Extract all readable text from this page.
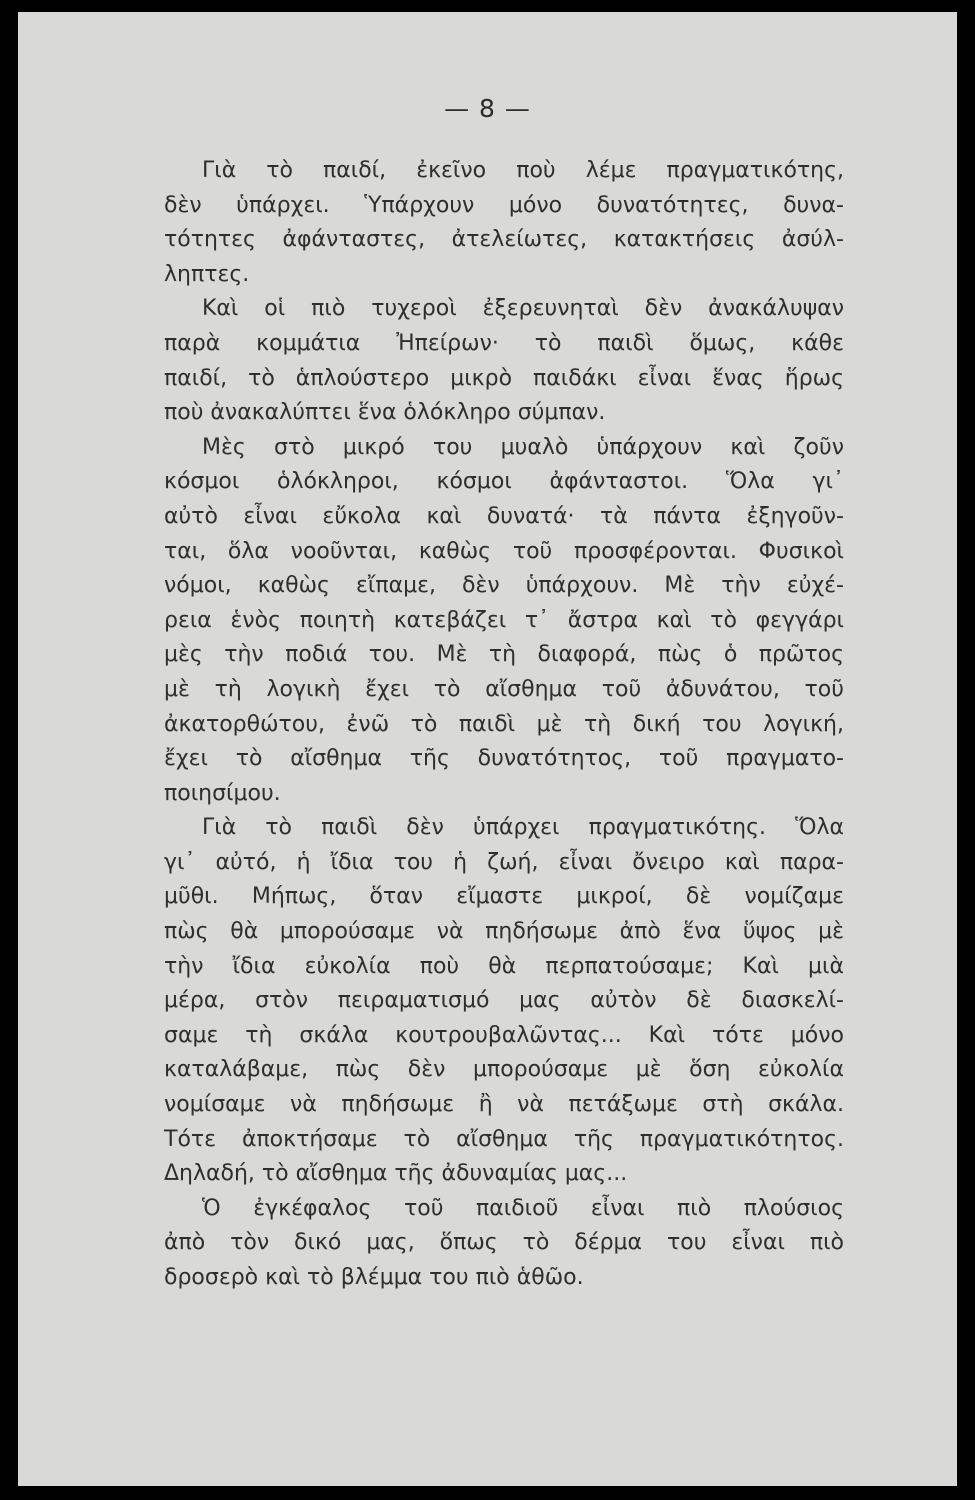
— 8 —
Γιὰ τὸ παιδί, ἐκεῖνο ποὺ λέμε πραγματικότης,
δὲν ὑπάρχει. Ὑπάρχουν μόνο δυνατότητες, δυνα-
τότητες ἀφάνταστες, ἀτελείωτες, κατακτήσεις ἀσύλ-
ληπτες.
Καὶ οἱ πιὸ τυχεροὶ ἐξερευνηταὶ δὲν ἀνακάλυψαν
παρὰ κομμάτια Ἠπείρων· τὸ παιδὶ ὅμως, κάθε
παιδί, τὸ ἁπλούστερο μικρὸ παιδάκι εἶναι ἕνας ἥρως
ποὺ ἀνακαλύπτει ἕνα ὁλόκληρο σύμπαν.
Μὲς στὸ μικρό του μυαλὸ ὑπάρχουν καὶ ζοῦν
κόσμοι ὁλόκληροι, κόσμοι ἀφάνταστοι. Ὅλα γι᾽
αὐτὸ εἶναι εὔκολα καὶ δυνατά· τὰ πάντα ἐξηγοῦν-
ται, ὅλα νοοῦνται, καθὼς τοῦ προσφέρονται. Φυσικοὶ
νόμοι, καθὼς εἴπαμε, δὲν ὑπάρχουν. Μὲ τὴν εὐχέ-
ρεια ἑνὸς ποιητὴ κατεβάζει τ᾽ ἄστρα καὶ τὸ φεγγάρι
μὲς τὴν ποδιά του. Μὲ τὴ διαφορά, πὼς ὁ πρῶτος
μὲ τὴ λογικὴ ἔχει τὸ αἴσθημα τοῦ ἀδυνάτου, τοῦ
ἀκατορθώτου, ἐνῶ τὸ παιδὶ μὲ τὴ δική του λογική,
ἔχει τὸ αἴσθημα τῆς δυνατότητος, τοῦ πραγματο-
ποιησίμου.
Γιὰ τὸ παιδὶ δὲν ὑπάρχει πραγματικότης. Ὅλα
γι᾽ αὐτό, ἡ ἴδια του ἡ ζωή, εἶναι ὄνειρο καὶ παρα-
μῦθι. Μήπως, ὅταν εἴμαστε μικροί, δὲ νομίζαμε
πὼς θὰ μπορούσαμε νὰ πηδήσωμε ἀπὸ ἕνα ὕψος μὲ
τὴν ἴδια εὐκολία ποὺ θὰ περπατούσαμε; Καὶ μιὰ
μέρα, στὸν πειραματισμό μας αὐτὸν δὲ διασκελί-
σαμε τὴ σκάλα κουτρουβαλῶντας... Καὶ τότε μόνο
καταλάβαμε, πὼς δὲν μπορούσαμε μὲ ὅση εὐκολία
νομίσαμε νὰ πηδήσωμε ἢ νὰ πετάξωμε στὴ σκάλα.
Τότε ἀποκτήσαμε τὸ αἴσθημα τῆς πραγματικότητος.
Δηλαδή, τὸ αἴσθημα τῆς ἀδυναμίας μας...
Ὁ ἐγκέφαλος τοῦ παιδιοῦ εἶναι πιὸ πλούσιος
ἀπὸ τὸν δικό μας, ὅπως τὸ δέρμα του εἶναι πιὸ
δροσερὸ καὶ τὸ βλέμμα του πιὸ ἁθῶο.
